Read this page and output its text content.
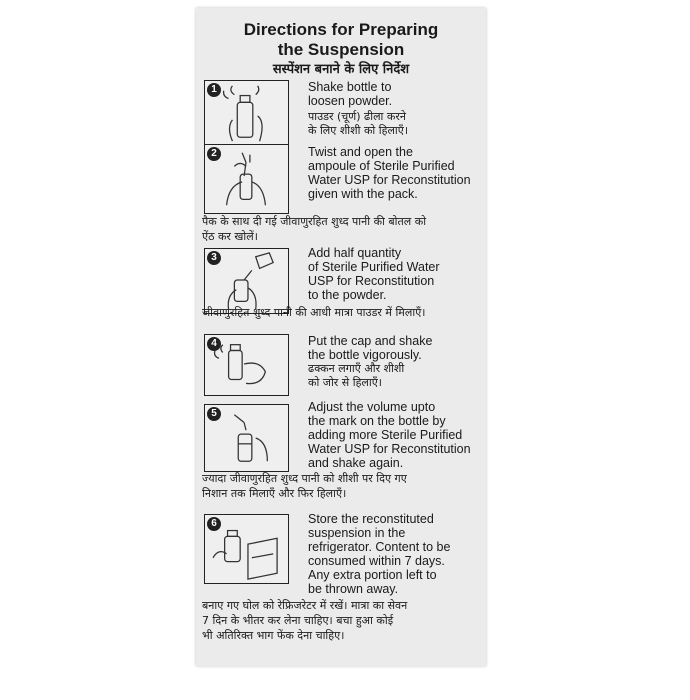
Directions for Preparing
the Suspension
सस्पेंशन बनाने के लिए निर्देश
1	Shake bottle to
loosen powder.
पाउडर (चूर्ण) ढीला करने
के लिए शीशी को हिलाएँ।
2	Twist and open the
ampoule of Sterile Purified
Water USP for Reconstitution
given with the pack.
पैक के साथ दी गई जीवाणुरहित शुध्द पानी की बोतल को
ऐंठ कर खोलें।
3	Add half quantity
of Sterile Purified Water
USP for Reconstitution
to the powder.
जीवाणुरहित शुध्द पानी की आधी मात्रा पाउडर में मिलाएँ।
4	Put the cap and shake
the bottle vigorously.
ढक्कन लगाएँ और शीशी
को जोर से हिलाएँ।
5	Adjust the volume upto
the mark on the bottle by
adding more Sterile Purified
Water USP for Reconstitution
and shake again.
ज्यादा जीवाणुरहित शुध्द पानी को शीशी पर दिए गए
निशान तक मिलाएँ और फिर हिलाएँ।
6	Store the reconstituted
suspension in the
refrigerator. Content to be
consumed within 7 days.
Any extra portion left to
be thrown away.
बनाए गए घोल को रेफ्रिजरेटर में रखें। मात्रा का सेवन
7 दिन के भीतर कर लेना चाहिए। बचा हुआ कोई
भी अतिरिक्त भाग फेंक देना चाहिए।
